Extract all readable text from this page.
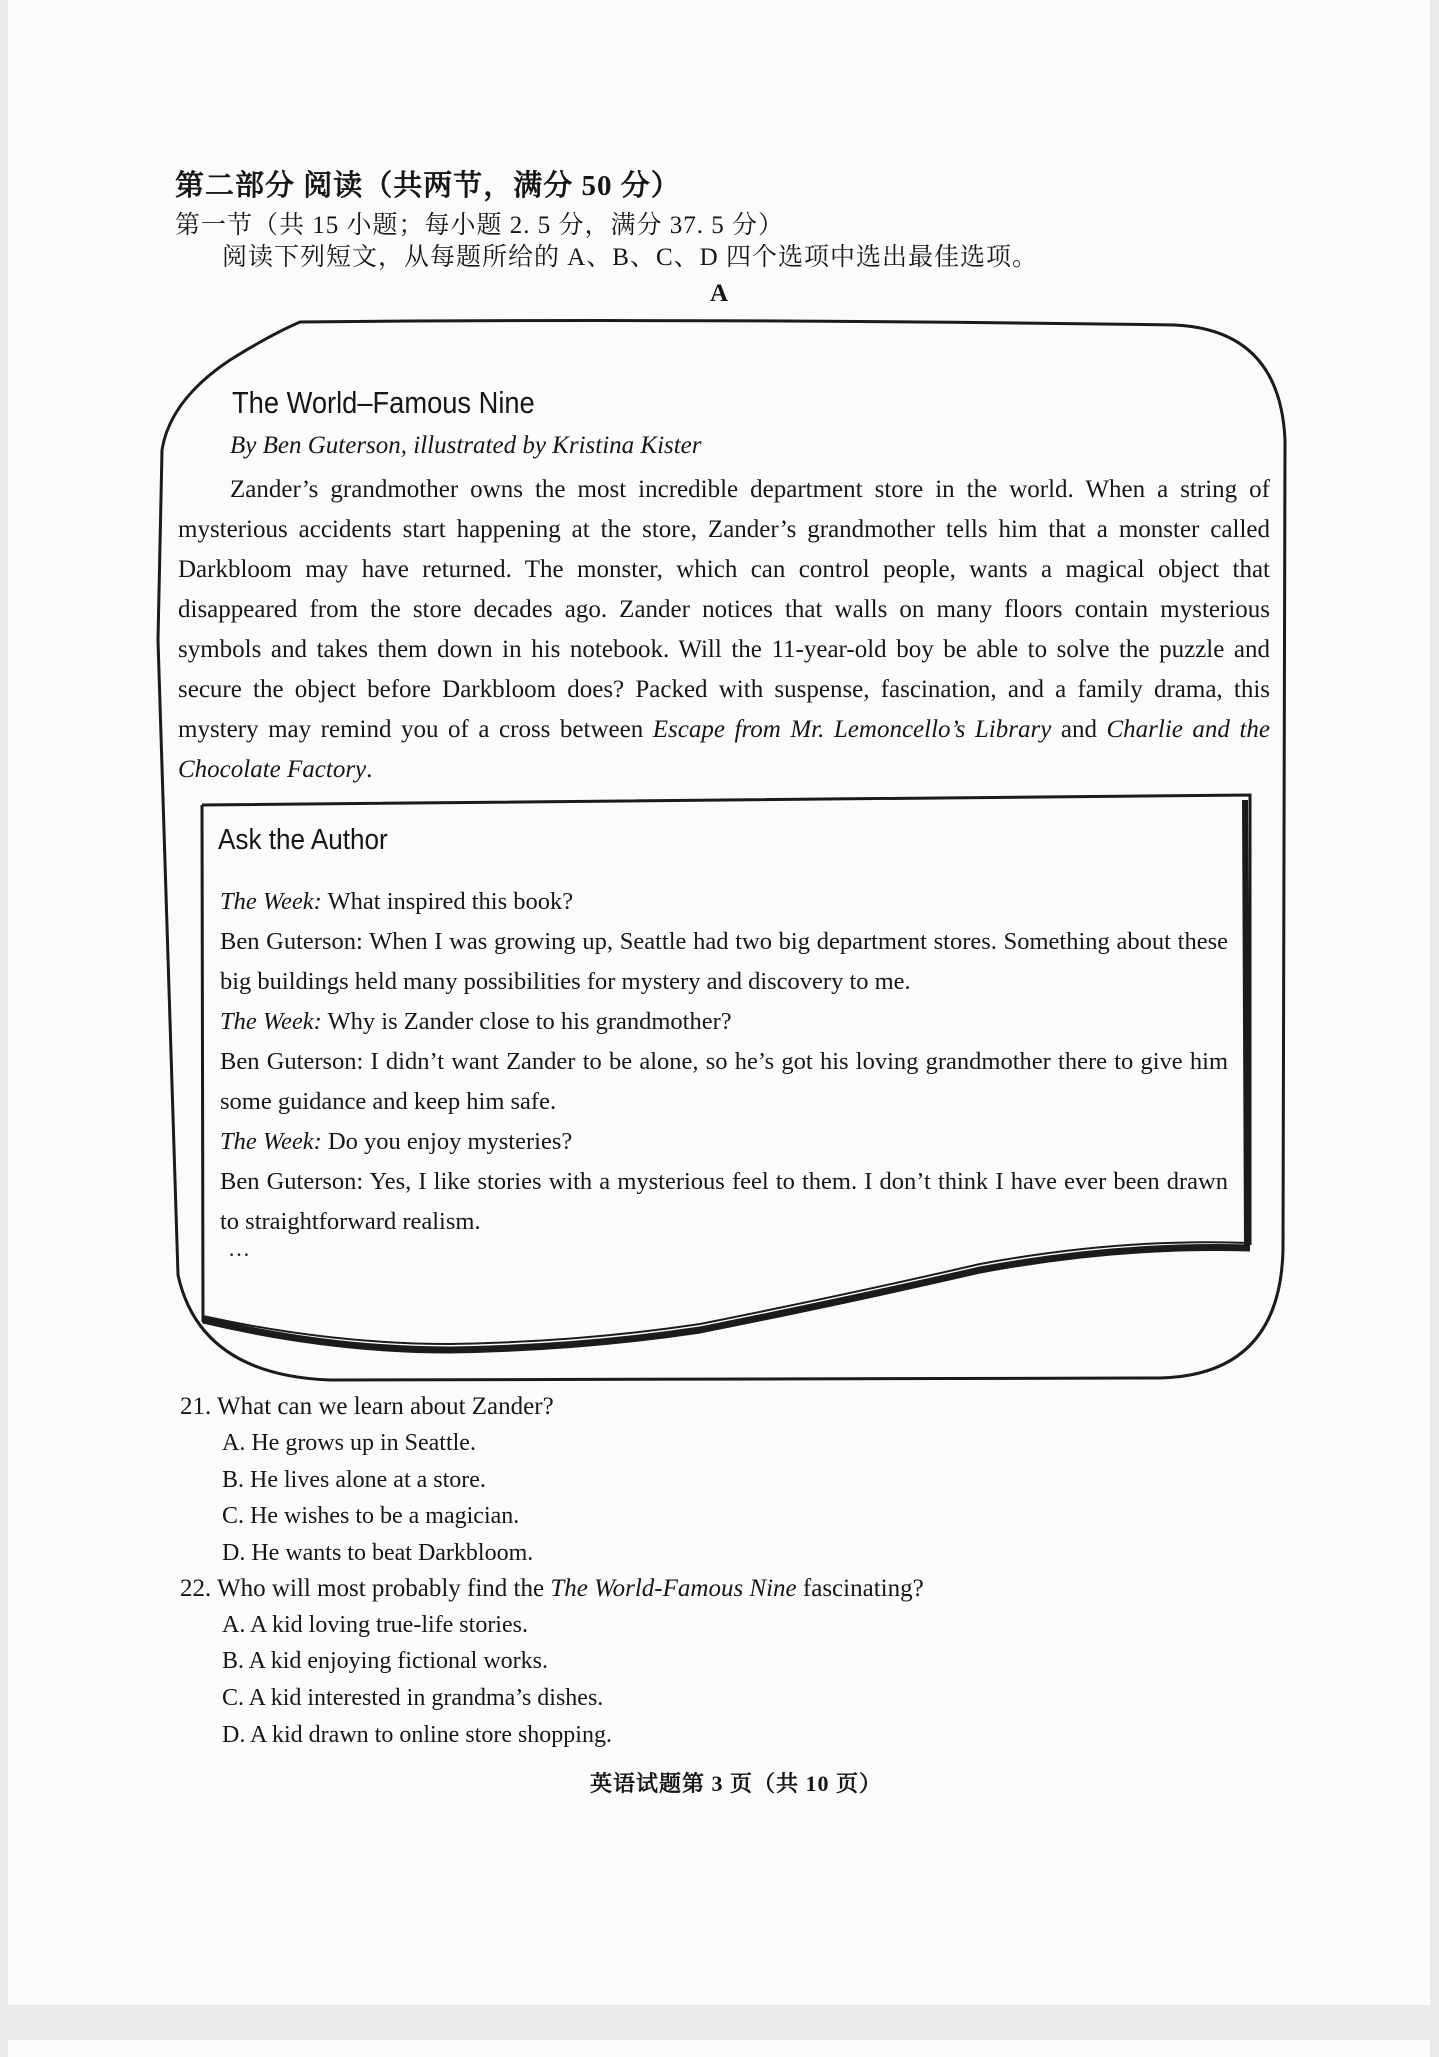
第二部分 阅读（共两节，满分 50 分）
第一节（共 15 小题；每小题 2. 5 分，满分 37. 5 分）
阅读下列短文，从每题所给的 A、B、C、D 四个选项中选出最佳选项。
A
The World–Famous Nine
By Ben Guterson, illustrated by Kristina Kister
Zander’s grandmother owns the most incredible department store in the world. When a string of mysterious accidents start happening at the store, Zander’s grandmother tells him that a monster called Darkbloom may have returned. The monster, which can control people, wants a magical object that disappeared from the store decades ago. Zander notices that walls on many floors contain mysterious symbols and takes them down in his notebook. Will the 11-year-old boy be able to solve the puzzle and secure the object before Darkbloom does? Packed with suspense, fascination, and a family drama, this mystery may remind you of a cross between Escape from Mr. Lemoncello’s Library and Charlie and the Chocolate Factory.
Ask the Author

The Week: What inspired this book?

Ben Guterson: When I was growing up, Seattle had two big department stores. Something about these big buildings held many possibilities for mystery and discovery to me.

The Week: Why is Zander close to his grandmother?

Ben Guterson: I didn’t want Zander to be alone, so he’s got his loving grandmother there to give him some guidance and keep him safe.

The Week: Do you enjoy mysteries?

Ben Guterson: Yes, I like stories with a mysterious feel to them. I don’t think I have ever been drawn to straightforward realism.

…
21. What can we learn about Zander?
A. He grows up in Seattle.
B. He lives alone at a store.
C. He wishes to be a magician.
D. He wants to beat Darkbloom.
22. Who will most probably find the The World-Famous Nine fascinating?
A. A kid loving true-life stories.
B. A kid enjoying fictional works.
C. A kid interested in grandma’s dishes.
D. A kid drawn to online store shopping.
英语试题第 3 页（共 10 页）
